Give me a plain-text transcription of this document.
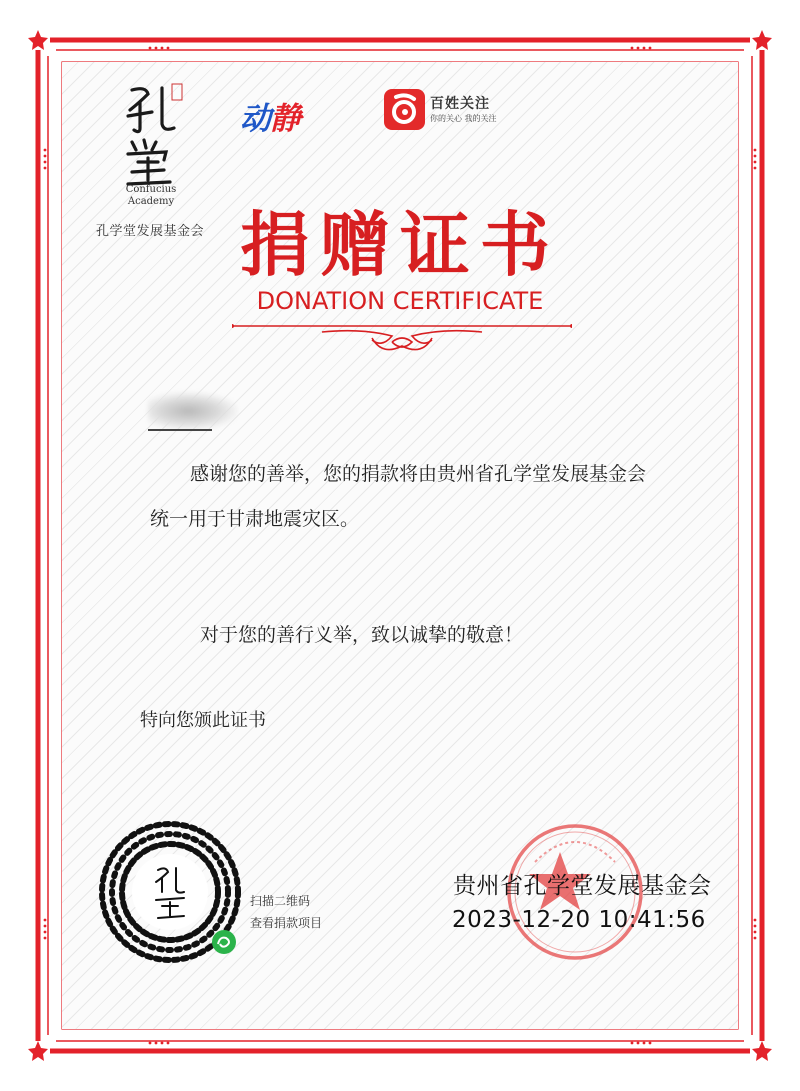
Confucius
Academy
孔学堂发展基金会
动静	百姓关注
你的关心 我的关注
捐赠证书
DONATION CERTIFICATE
感谢您的善举，您的捐款将由贵州省孔学堂发展基金会
统一用于甘肃地震灾区。
对于您的善行义举，致以诚挚的敬意！
特向您颁此证书
扫描二维码
查看捐款项目
贵州省孔学堂发展基金会
2023-12-20 10:41:56
